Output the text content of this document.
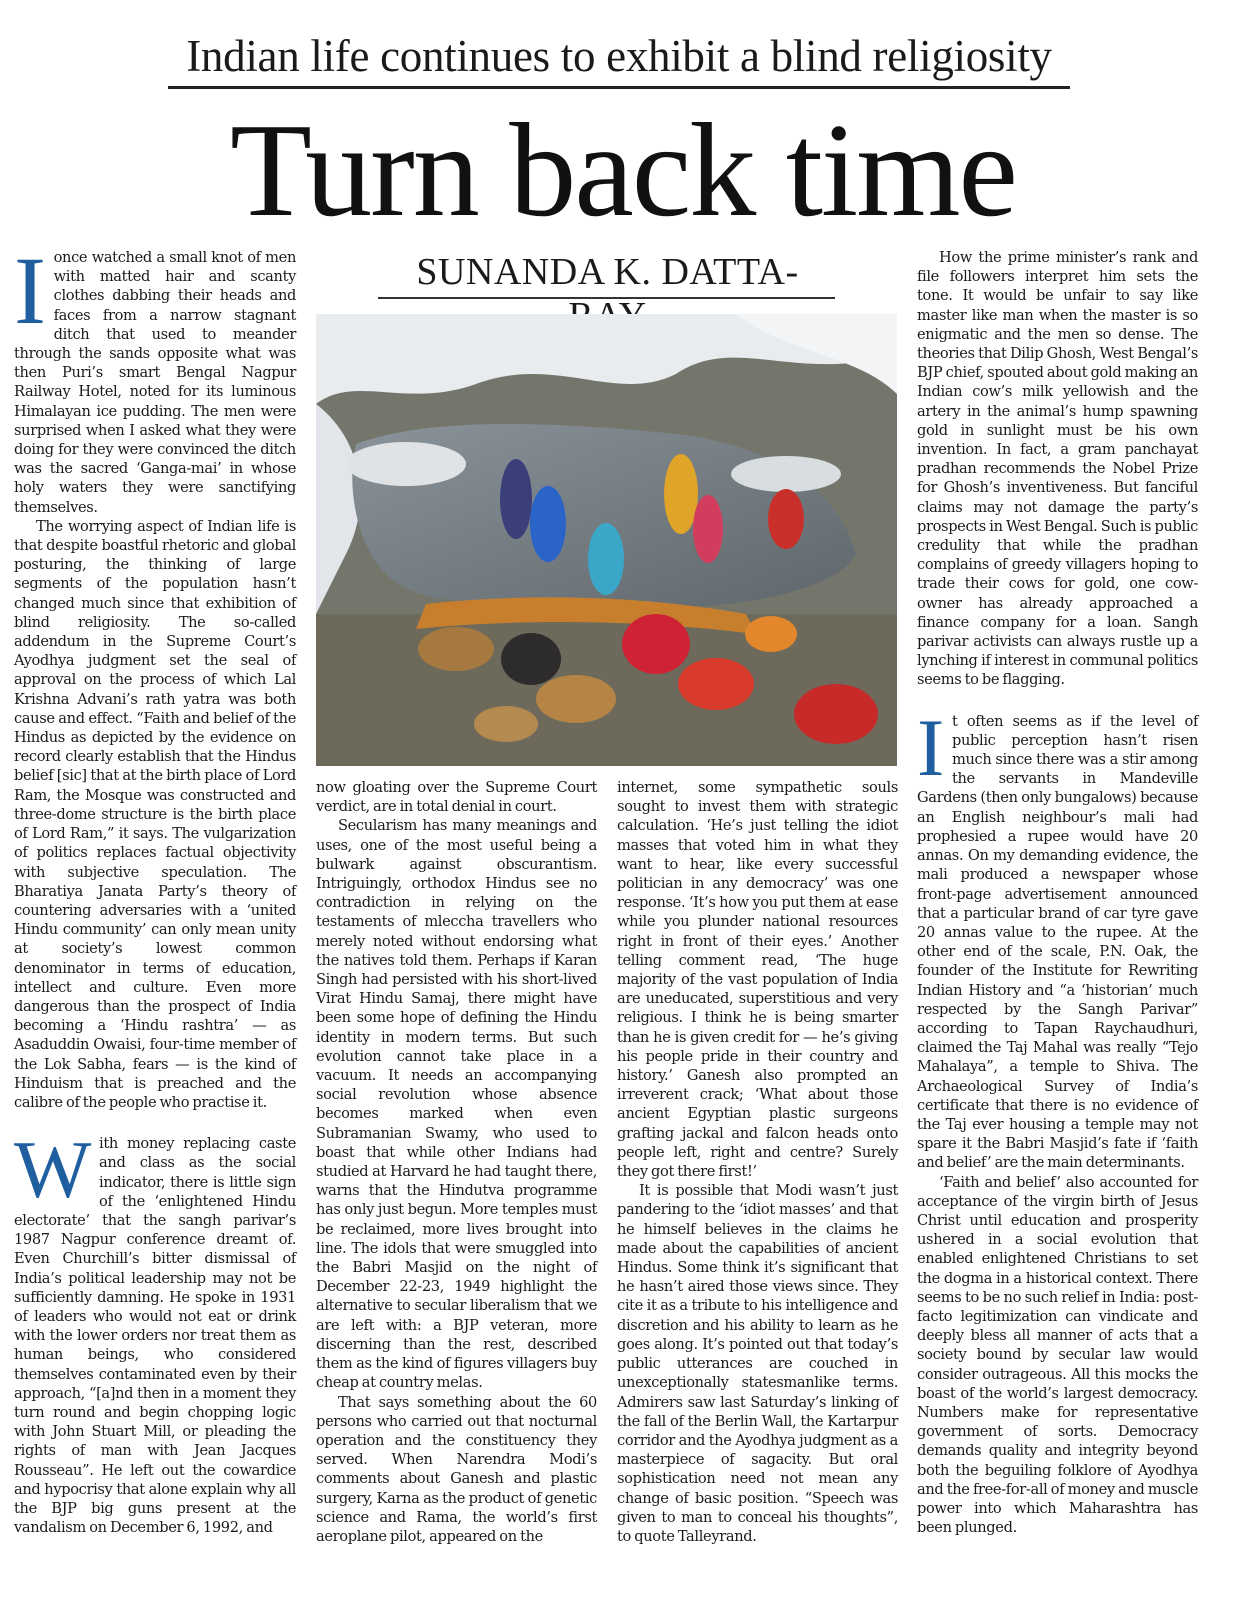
Indian life continues to exhibit a blind religiosity
Turn back time

Ionce watched a small knot of men with matted hair and scanty clothes dabbing their heads and faces from a narrow stagnant ditch that used to meander through the sands opposite what was then Puri’s smart Bengal Nagpur Railway Hotel, noted for its luminous Himalayan ice pudding. The men were surprised when I asked what they were doing for they were convinced the ditch was the sacred ‘Ganga-mai’ in whose holy waters they were sanctifying themselves.

The worrying aspect of Indian life is that despite boastful rhetoric and global posturing, the thinking of large segments of the population hasn’t changed much since that exhibition of blind religiosity. The so-called addendum in the Supreme Court’s Ayodhya judgment set the seal of approval on the process of which Lal Krishna Advani’s rath yatra was both cause and effect. “Faith and belief of the Hindus as depicted by the evidence on record clearly establish that the Hindus belief [sic] that at the birth place of Lord Ram, the Mosque was constructed and three-dome structure is the birth place of Lord Ram,” it says. The vulgarization of politics replaces factual objectivity with subjective speculation. The Bharatiya Janata Party’s theory of countering adversaries with a ‘united Hindu community’ can only mean unity at society’s lowest common denominator in terms of education, intellect and culture. Even more dangerous than the prospect of India becoming a ‘Hindu rashtra’ — as Asaduddin Owaisi, four-time member of the Lok Sabha, fears — is the kind of Hinduism that is preached and the calibre of the people who practise it.

With money replacing caste and class as the social indicator, there is little sign of the ‘enlightened Hindu electorate’ that the sangh parivar’s 1987 Nagpur conference dreamt of. Even Churchill’s bitter dismissal of India’s political leadership may not be sufficiently damning. He spoke in 1931 of leaders who would not eat or drink with the lower orders nor treat them as human beings, who considered themselves contaminated even by their approach, “[a]nd then in a moment they turn round and begin chopping logic with John Stuart Mill, or pleading the rights of man with Jean Jacques Rousseau”. He left out the cowardice and hypocrisy that alone explain why all the BJP big guns present at the vandalism on December 6, 1992, and

SUNANDA K. DATTA-

now gloating over the Supreme Court verdict, are in total denial in court.

Secularism has many meanings and uses, one of the most useful being a bulwark against obscurantism. Intriguingly, orthodox Hindus see no contradiction in relying on the testaments of mleccha travellers who merely noted without endorsing what the natives told them. Perhaps if Karan Singh had persisted with his short-lived Virat Hindu Samaj, there might have been some hope of defining the Hindu identity in modern terms. But such evolution cannot take place in a vacuum. It needs an accompanying social revolution whose absence becomes marked when even Subramanian Swamy, who used to boast that while other Indians had studied at Harvard he had taught there, warns that the Hindutva programme has only just begun. More temples must be reclaimed, more lives brought into line. The idols that were smuggled into the Babri Masjid on the night of December 22-23, 1949 highlight the alternative to secular liberalism that we are left with: a BJP veteran, more discerning than the rest, described them as the kind of figures villagers buy cheap at country melas.

That says something about the 60 persons who carried out that nocturnal operation and the constituency they served. When Narendra Modi’s comments about Ganesh and plastic surgery, Karna as the product of genetic science and Rama, the world’s first aeroplane pilot, appeared on the

internet, some sympathetic souls sought to invest them with strategic calculation. ‘He’s just telling the idiot masses that voted him in what they want to hear, like every successful politician in any democracy’ was one response. ‘It’s how you put them at ease while you plunder national resources right in front of their eyes.’ Another telling comment read, ‘The huge majority of the vast population of India are uneducated, superstitious and very religious. I think he is being smarter than he is given credit for — he’s giving his people pride in their country and history.’ Ganesh also prompted an irreverent crack; ‘What about those ancient Egyptian plastic surgeons grafting jackal and falcon heads onto people left, right and centre? Surely they got there first!’

It is possible that Modi wasn’t just pandering to the ‘idiot masses’ and that he himself believes in the claims he made about the capabilities of ancient Hindus. Some think it’s significant that he hasn’t aired those views since. They cite it as a tribute to his intelligence and discretion and his ability to learn as he goes along. It’s pointed out that today’s public utterances are couched in unexceptionally statesmanlike terms. Admirers saw last Saturday’s linking of the fall of the Berlin Wall, the Kartarpur corridor and the Ayodhya judgment as a masterpiece of sagacity. But oral sophistication need not mean any change of basic position. “Speech was given to man to conceal his thoughts”, to quote Talleyrand.

How the prime minister’s rank and file followers interpret him sets the tone. It would be unfair to say like master like man when the master is so enigmatic and the men so dense. The theories that Dilip Ghosh, West Bengal’s BJP chief, spouted about gold making an Indian cow’s milk yellowish and the artery in the animal’s hump spawning gold in sunlight must be his own invention. In fact, a gram panchayat pradhan recommends the Nobel Prize for Ghosh’s inventiveness. But fanciful claims may not damage the party’s prospects in West Bengal. Such is public credulity that while the pradhan complains of greedy villagers hoping to trade their cows for gold, one cow-owner has already approached a finance company for a loan. Sangh parivar activists can always rustle up a lynching if interest in communal politics seems to be flagging.

It often seems as if the level of public perception hasn’t risen much since there was a stir among the servants in Mandeville Gardens (then only bungalows) because an English neighbour’s mali had prophesied a rupee would have 20 annas. On my demanding evidence, the mali produced a newspaper whose front-page advertisement announced that a particular brand of car tyre gave 20 annas value to the rupee. At the other end of the scale, P.N. Oak, the founder of the Institute for Rewriting Indian History and “a ‘historian’ much respected by the Sangh Parivar” according to Tapan Raychaudhuri, claimed the Taj Mahal was really “Tejo Mahalaya”, a temple to Shiva. The Archaeological Survey of India’s certificate that there is no evidence of the Taj ever housing a temple may not spare it the Babri Masjid’s fate if ‘faith and belief’ are the main determinants.

‘Faith and belief’ also accounted for acceptance of the virgin birth of Jesus Christ until education and prosperity ushered in a social evolution that enabled enlightened Christians to set the dogma in a historical context. There seems to be no such relief in India: post-facto legitimization can vindicate and deeply bless all manner of acts that a society bound by secular law would consider outrageous. All this mocks the boast of the world’s largest democracy. Numbers make for representative government of sorts. Democracy demands quality and integrity beyond both the beguiling folklore of Ayodhya and the free-for-all of money and muscle power into which Maharashtra has been plunged.
